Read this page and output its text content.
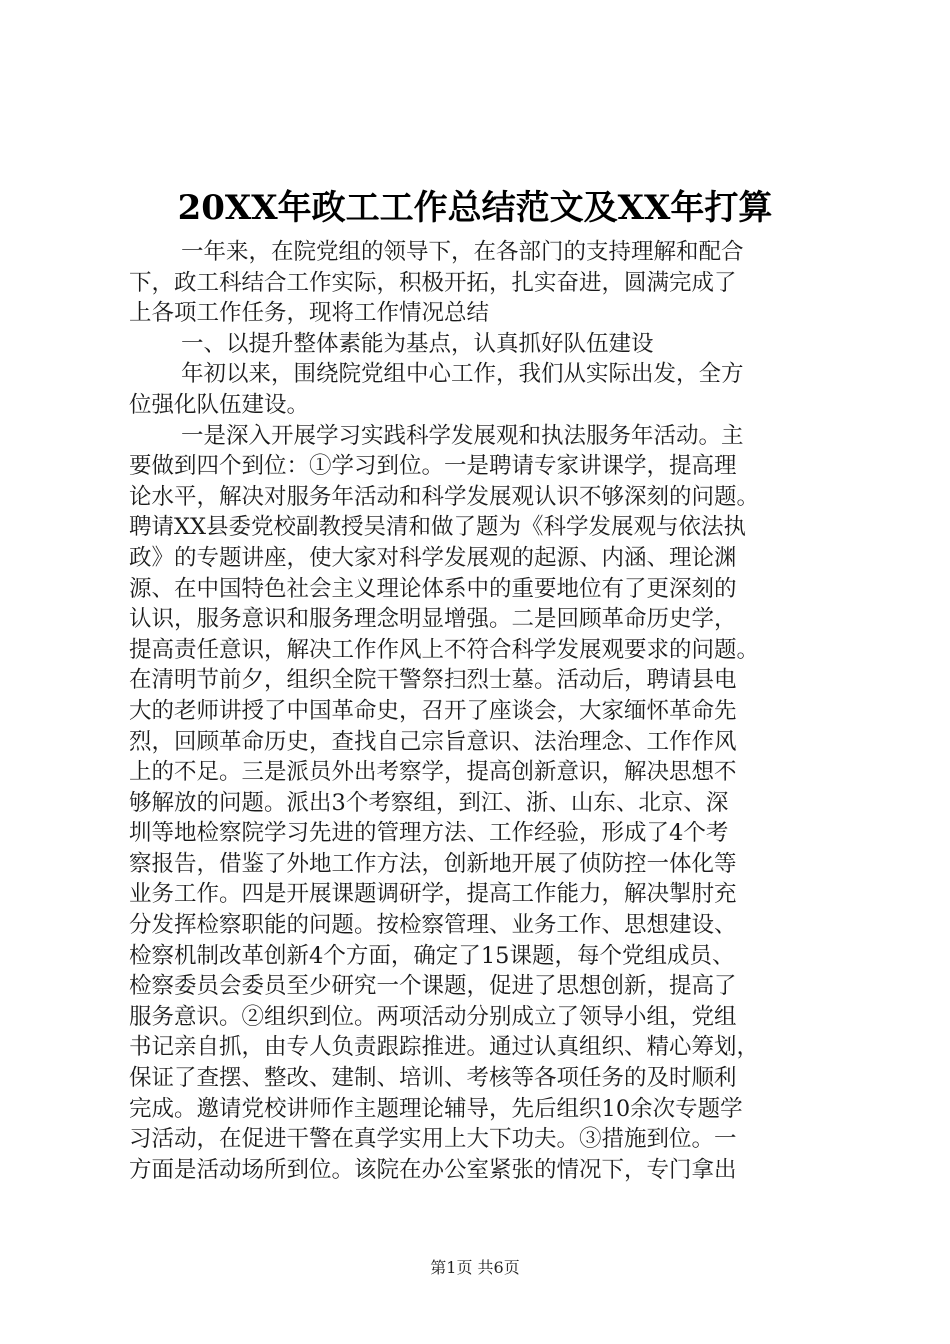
20XX年政工工作总结范文及XX年打算
一年来，在院党组的领导下，在各部门的支持理解和配合
下，政工科结合工作实际，积极开拓，扎实奋进，圆满完成了
上各项工作任务，现将工作情况总结
一、以提升整体素能为基点，认真抓好队伍建设
年初以来，围绕院党组中心工作，我们从实际出发，全方
位强化队伍建设。
一是深入开展学习实践科学发展观和执法服务年活动。主
要做到四个到位：①学习到位。一是聘请专家讲课学，提高理
论水平，解决对服务年活动和科学发展观认识不够深刻的问题。
聘请XX县委党校副教授吴清和做了题为《科学发展观与依法执
政》的专题讲座，使大家对科学发展观的起源、内涵、理论渊
源、在中国特色社会主义理论体系中的重要地位有了更深刻的
认识，服务意识和服务理念明显增强。二是回顾革命历史学，
提高责任意识，解决工作作风上不符合科学发展观要求的问题。
在清明节前夕，组织全院干警祭扫烈士墓。活动后，聘请县电
大的老师讲授了中国革命史，召开了座谈会，大家缅怀革命先
烈，回顾革命历史，查找自己宗旨意识、法治理念、工作作风
上的不足。三是派员外出考察学，提高创新意识，解决思想不
够解放的问题。派出3个考察组，到江、浙、山东、北京、深
圳等地检察院学习先进的管理方法、工作经验，形成了4个考
察报告，借鉴了外地工作方法，创新地开展了侦防控一体化等
业务工作。四是开展课题调研学，提高工作能力，解决掣肘充
分发挥检察职能的问题。按检察管理、业务工作、思想建设、
检察机制改革创新4个方面，确定了15课题，每个党组成员、
检察委员会委员至少研究一个课题，促进了思想创新，提高了
服务意识。②组织到位。两项活动分别成立了领导小组，党组
书记亲自抓，由专人负责跟踪推进。通过认真组织、精心筹划，
保证了查摆、整改、建制、培训、考核等各项任务的及时顺利
完成。邀请党校讲师作主题理论辅导，先后组织10余次专题学
习活动，在促进干警在真学实用上大下功夫。③措施到位。一
方面是活动场所到位。该院在办公室紧张的情况下，专门拿出
第1页 共6页
